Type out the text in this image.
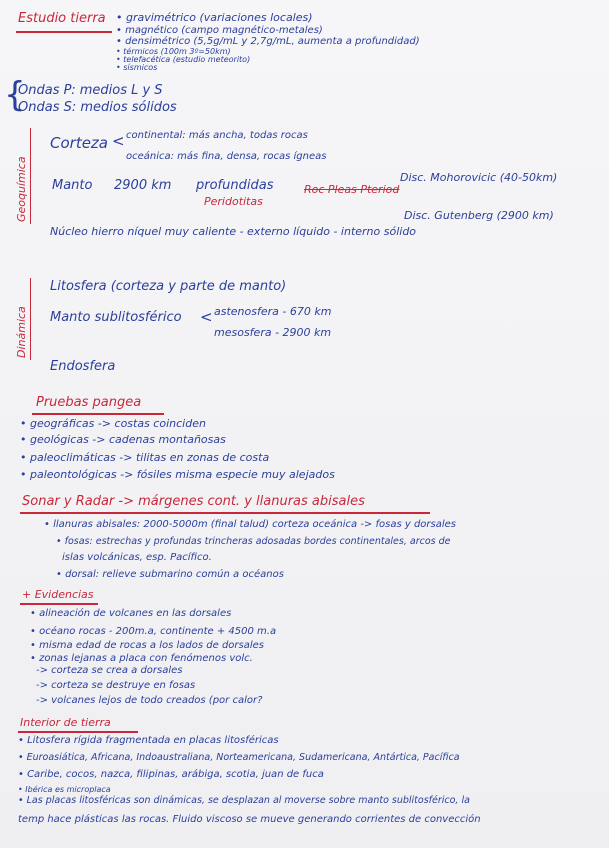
Estudio tierra • gravimétrico (variaciones locales)
• magnético (campo magnético-metales)
• densimétrico (5,5g/mL y 2,7g/mL, aumenta a profundidad)
• térmicos (100m 3º=50km)
• telefacética (estudio meteorito)
• sísmicos
{
Ondas P: medios L y S
Ondas S: medios sólidos
Geoquímica
Corteza < continental: más ancha, todas rocas
oceánica: más fina, densa, rocas ígneas
Disc. Mohorovicic (40-50km)
Manto 2900 km profundidas	Roc Pleas Pteriod
Peridotitas
Disc. Gutenberg (2900 km)
Núcleo hierro níquel muy caliente - externo líquido - interno sólido
Dinámica
Litosfera (corteza y parte de manto)
Manto sublitosférico < astenosfera - 670 km
mesosfera - 2900 km
Endosfera
Pruebas pangea
• geográficas -> costas coinciden
• geológicas -> cadenas montañosas
• paleoclimáticas -> tilitas en zonas de costa
• paleontológicas -> fósiles misma especie muy alejados
Sonar y Radar -> márgenes cont. y llanuras abisales
• llanuras abisales: 2000-5000m (final talud) corteza oceánica -> fosas y dorsales
• fosas: estrechas y profundas trincheras adosadas bordes continentales, arcos de
islas volcánicas, esp. Pacífico.
• dorsal: relieve submarino común a océanos
+ Evidencias
• alineación de volcanes en las dorsales
• océano rocas - 200m.a, continente + 4500 m.a
• misma edad de rocas a los lados de dorsales
• zonas lejanas a placa con fenómenos volc.
-> corteza se crea a dorsales
-> corteza se destruye en fosas
-> volcanes lejos de todo creados (por calor?
Interior de tierra
• Litosfera rígida fragmentada en placas litosféricas
• Euroasiática, Africana, Indoaustraliana, Norteamericana, Sudamericana, Antártica, Pacífica
• Caribe, cocos, nazca, filipinas, arábiga, scotia, juan de fuca
• Ibérica es microplaca
• Las placas litosféricas son dinámicas, se desplazan al moverse sobre manto sublitosférico, la
temp hace plásticas las rocas. Fluido viscoso se mueve generando corrientes de convección
